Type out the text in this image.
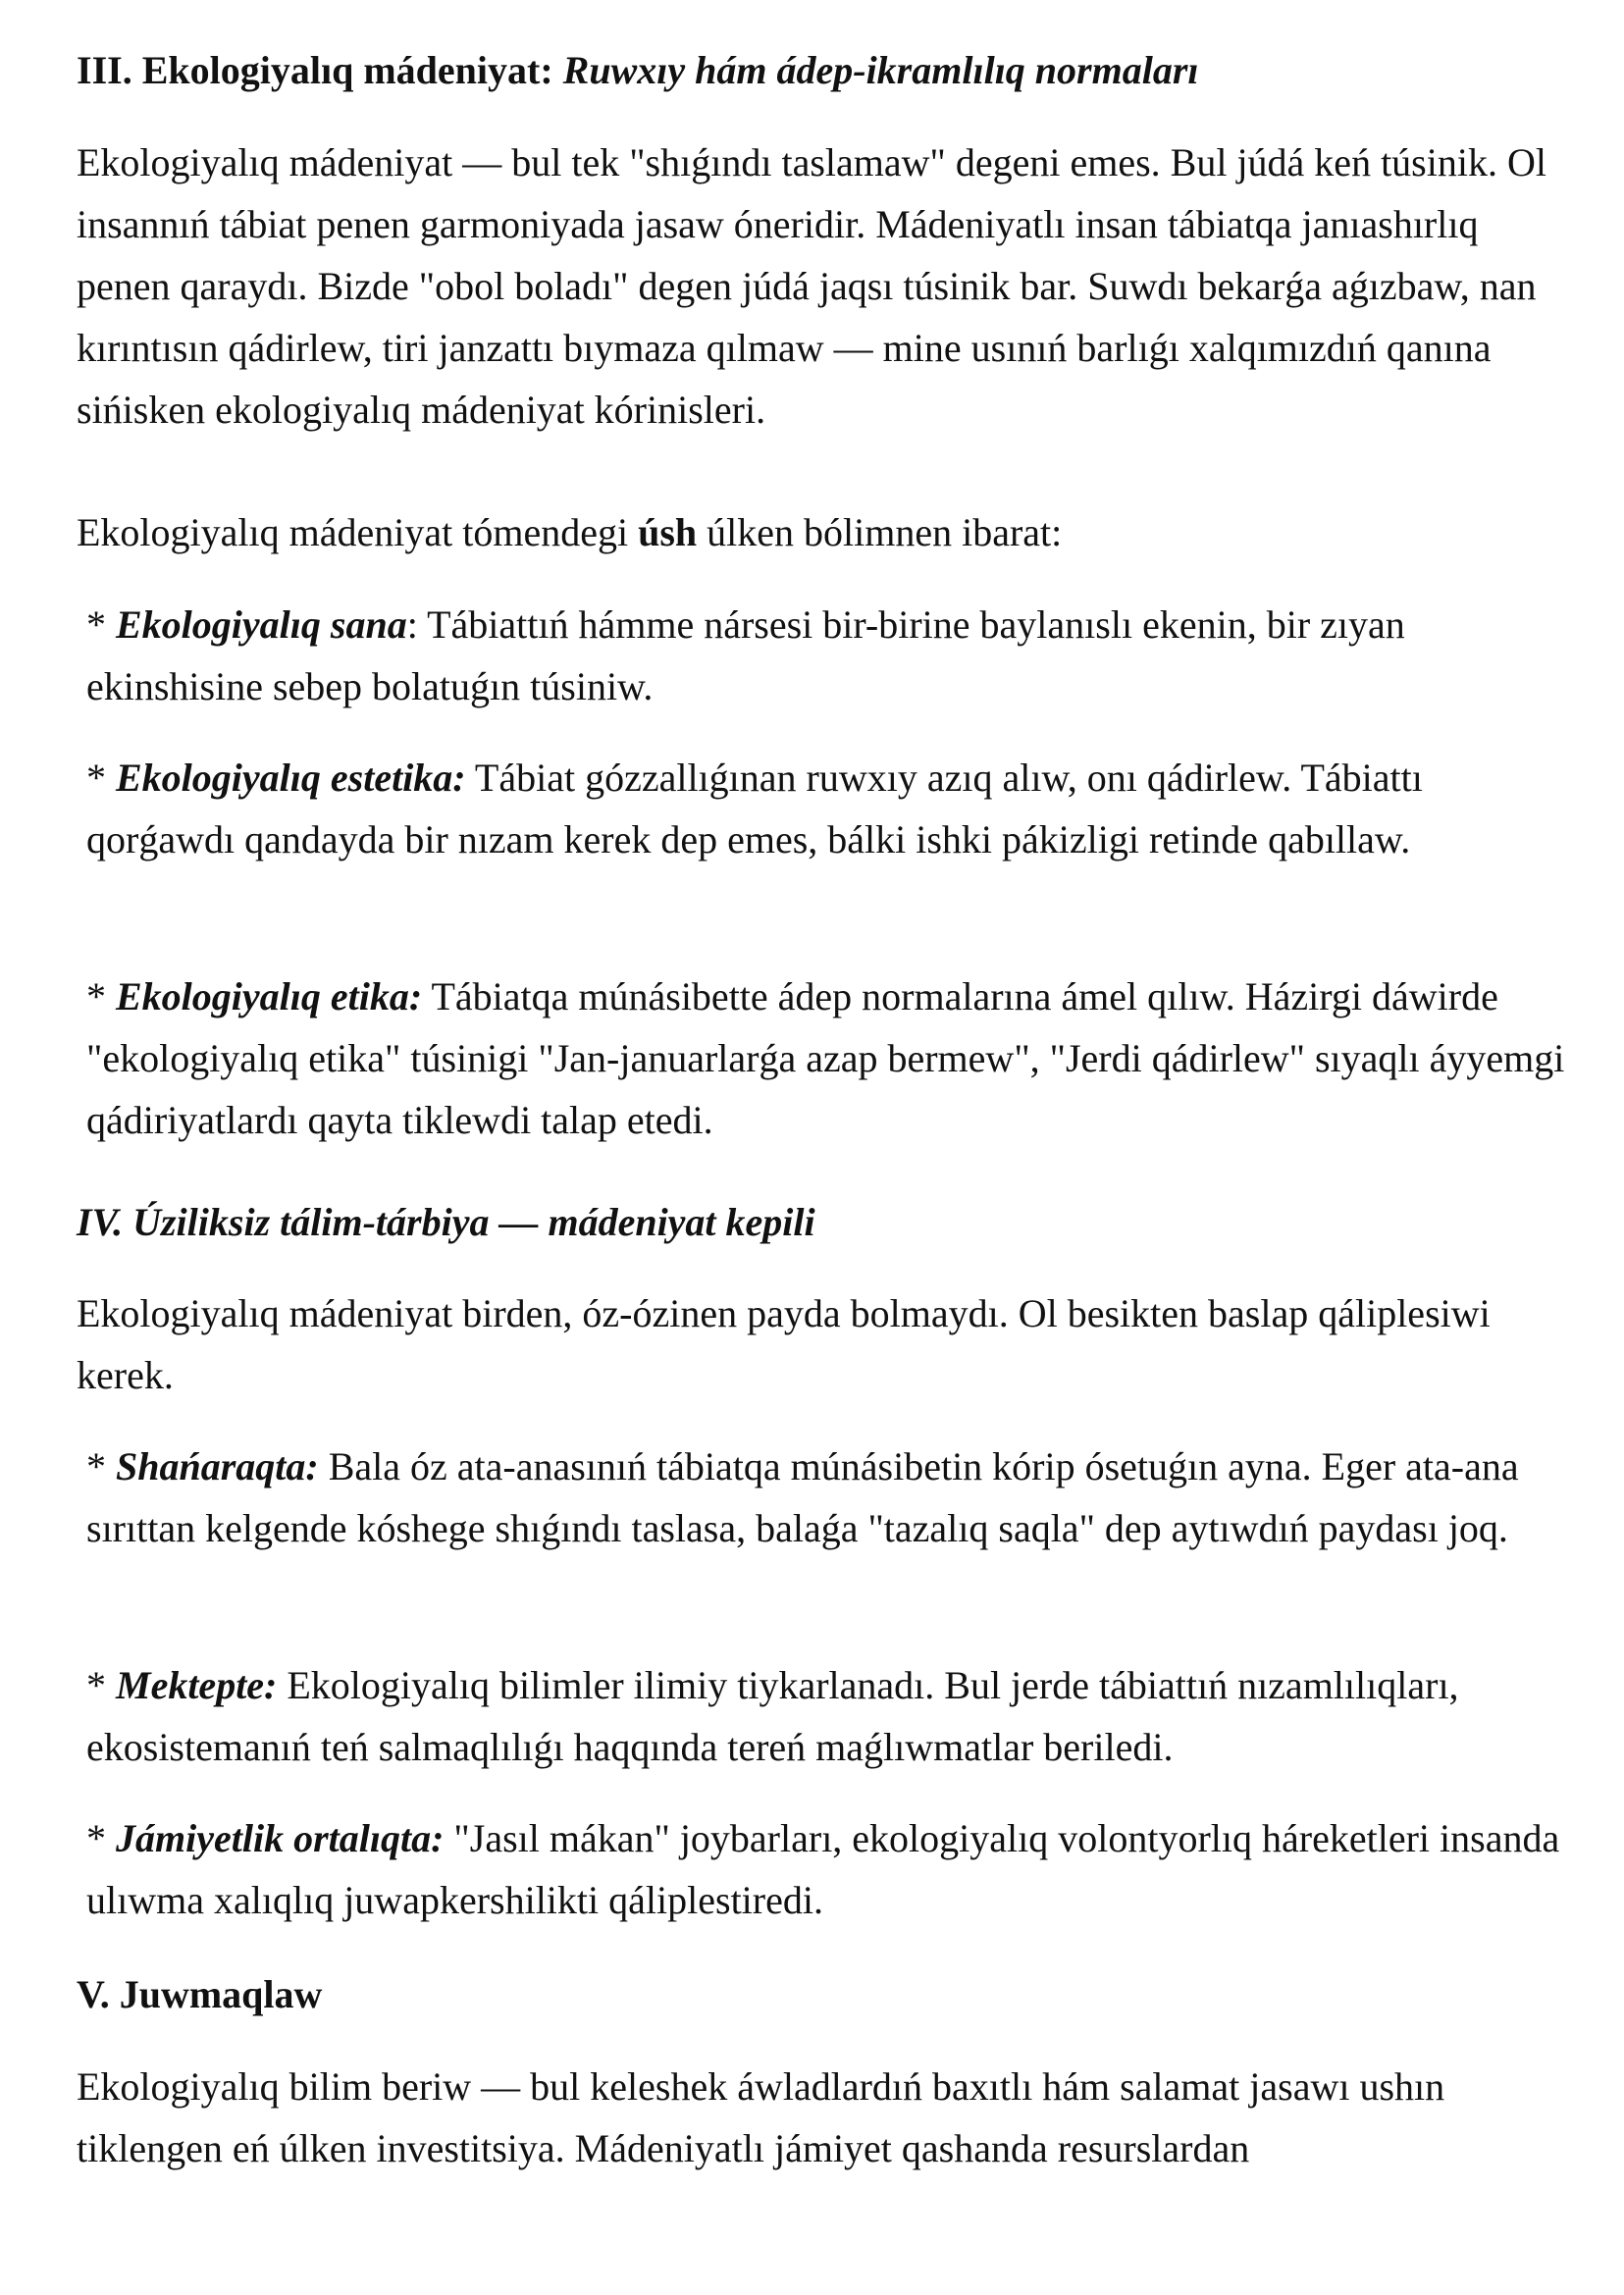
III. Ekologiyalıq mádeniyat: Ruwxıy hám ádep-ikramlılıq normaları

Ekologiyalıq mádeniyat — bul tek "shıǵındı taslamaw" degeni emes. Bul júdá keń túsinik. Ol insannıń tábiat penen garmoniyada jasaw óneridir. Mádeniyatlı insan tábiatqa janıashırlıq penen qaraydı. Bizde "obol boladı" degen júdá jaqsı túsinik bar. Suwdı bekarǵa aǵızbaw, nan kırıntısın qádirlew, tiri janzattı bıymaza qılmaw — mine usınıń barlıǵı xalqımızdıń qanına sińisken ekologiyalıq mádeniyat kórinisleri.

Ekologiyalıq mádeniyat tómendegi úsh úlken bólimnen ibarat:

* Ekologiyalıq sana: Tábiattıń hámme nársesi bir-birine baylanıslı ekenin, bir zıyan ekinshisine sebep bolatuǵın túsiniw.

* Ekologiyalıq estetika: Tábiat gózzallıǵınan ruwxıy azıq alıw, onı qádirlew. Tábiattı qorǵawdı qandayda bir nızam kerek dep emes, bálki ishki pákizligi retinde qabıllaw.

* Ekologiyalıq etika: Tábiatqa múnásibette ádep normalarına ámel qılıw. Házirgi dáwirde "ekologiyalıq etika" túsinigi "Jan-januarlarǵa azap bermew", "Jerdi qádirlew" sıyaqlı áyyemgi qádiriyatlardı qayta tiklewdi talap etedi.

IV. Úziliksiz tálim-tárbiya — mádeniyat kepili

Ekologiyalıq mádeniyat birden, óz-ózinen payda bolmaydı. Ol besikten baslap qáliplesiwi kerek.

* Shańaraqta: Bala óz ata-anasınıń tábiatqa múnásibetin kórip ósetuǵın ayna. Eger ata-ana sırıttan kelgende kóshege shıǵındı taslasa, balaǵa "tazalıq saqla" dep aytıwdıń paydası joq.

* Mektepte: Ekologiyalıq bilimler ilimiy tiykarlanadı. Bul jerde tábiattıń nızamlılıqları, ekosistemanıń teń salmaqlılıǵı haqqında tereń maǵlıwmatlar beriledi.

* Jámiyetlik ortalıqta: "Jasıl mákan" joybarları, ekologiyalıq volontyorlıq háreketleri insanda ulıwma xalıqlıq juwapkershilikti qáliplestiredi.

V. Juwmaqlaw

Ekologiyalıq bilim beriw — bul keleshek áwladlardıń baxıtlı hám salamat jasawı ushın tiklengen eń úlken investitsiya. Mádeniyatlı jámiyet qashanda resurslardan
